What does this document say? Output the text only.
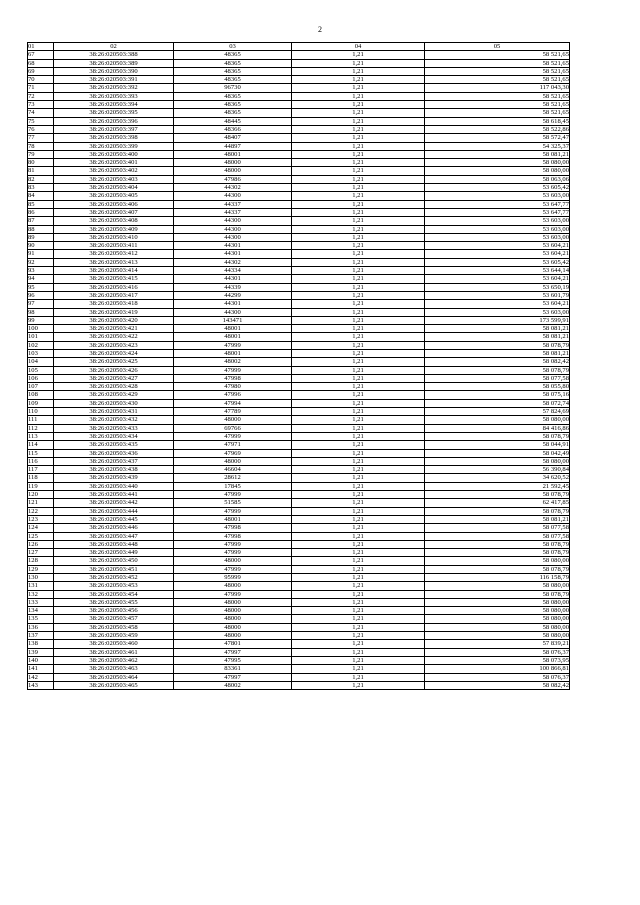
2
01	02	03	04	05
67	38:26:020503:388	48365	1,21	58 521,65
68	38:26:020503:389	48365	1,21	58 521,65
69	38:26:020503:390	48365	1,21	58 521,65
70	38:26:020503:391	48365	1,21	58 521,65
71	38:26:020503:392	96730	1,21	117 043,30
72	38:26:020503:393	48365	1,21	58 521,65
73	38:26:020503:394	48365	1,21	58 521,65
74	38:26:020503:395	48365	1,21	58 521,65
75	38:26:020503:396	48445	1,21	58 618,45
76	38:26:020503:397	48366	1,21	58 522,86
77	38:26:020503:398	48407	1,21	58 572,47
78	38:26:020503:399	44897	1,21	54 325,37
79	38:26:020503:400	48001	1,21	58 081,21
80	38:26:020503:401	48000	1,21	58 080,00
81	38:26:020503:402	48000	1,21	58 080,00
82	38:26:020503:403	47986	1,21	58 063,06
83	38:26:020503:404	44302	1,21	53 605,42
84	38:26:020503:405	44300	1,21	53 603,00
85	38:26:020503:406	44337	1,21	53 647,77
86	38:26:020503:407	44337	1,21	53 647,77
87	38:26:020503:408	44300	1,21	53 603,00
88	38:26:020503:409	44300	1,21	53 603,00
89	38:26:020503:410	44300	1,21	53 603,00
90	38:26:020503:411	44301	1,21	53 604,21
91	38:26:020503:412	44301	1,21	53 604,21
92	38:26:020503:413	44302	1,21	53 605,42
93	38:26:020503:414	44334	1,21	53 644,14
94	38:26:020503:415	44301	1,21	53 604,21
95	38:26:020503:416	44339	1,21	53 650,19
96	38:26:020503:417	44299	1,21	53 601,79
97	38:26:020503:418	44301	1,21	53 604,21
98	38:26:020503:419	44300	1,21	53 603,00
99	38:26:020503:420	143471	1,21	173 599,91
100	38:26:020503:421	48001	1,21	58 081,21
101	38:26:020503:422	48001	1,21	58 081,21
102	38:26:020503:423	47999	1,21	58 078,79
103	38:26:020503:424	48001	1,21	58 081,21
104	38:26:020503:425	48002	1,21	58 082,42
105	38:26:020503:426	47999	1,21	58 078,79
106	38:26:020503:427	47998	1,21	58 077,58
107	38:26:020503:428	47980	1,21	58 055,80
108	38:26:020503:429	47996	1,21	58 075,16
109	38:26:020503:430	47994	1,21	58 072,74
110	38:26:020503:431	47789	1,21	57 824,69
111	38:26:020503:432	48000	1,21	58 080,00
112	38:26:020503:433	69766	1,21	84 416,86
113	38:26:020503:434	47999	1,21	58 078,79
114	38:26:020503:435	47971	1,21	58 044,91
115	38:26:020503:436	47969	1,21	58 042,49
116	38:26:020503:437	48000	1,21	58 080,00
117	38:26:020503:438	46604	1,21	56 390,84
118	38:26:020503:439	28612	1,21	34 620,52
119	38:26:020503:440	17845	1,21	21 592,45
120	38:26:020503:441	47999	1,21	58 078,79
121	38:26:020503:442	51585	1,21	62 417,85
122	38:26:020503:444	47999	1,21	58 078,79
123	38:26:020503:445	48001	1,21	58 081,21
124	38:26:020503:446	47998	1,21	58 077,58
125	38:26:020503:447	47998	1,21	58 077,58
126	38:26:020503:448	47999	1,21	58 078,79
127	38:26:020503:449	47999	1,21	58 078,79
128	38:26:020503:450	48000	1,21	58 080,00
129	38:26:020503:451	47999	1,21	58 078,79
130	38:26:020503:452	95999	1,21	116 158,79
131	38:26:020503:453	48000	1,21	58 080,00
132	38:26:020503:454	47999	1,21	58 078,79
133	38:26:020503:455	48000	1,21	58 080,00
134	38:26:020503:456	48000	1,21	58 080,00
135	38:26:020503:457	48000	1,21	58 080,00
136	38:26:020503:458	48000	1,21	58 080,00
137	38:26:020503:459	48000	1,21	58 080,00
138	38:26:020503:460	47801	1,21	57 839,21
139	38:26:020503:461	47997	1,21	58 076,37
140	38:26:020503:462	47995	1,21	58 073,95
141	38:26:020503:463	83361	1,21	100 866,81
142	38:26:020503:464	47997	1,21	58 076,37
143	38:26:020503:465	48002	1,21	58 082,42
